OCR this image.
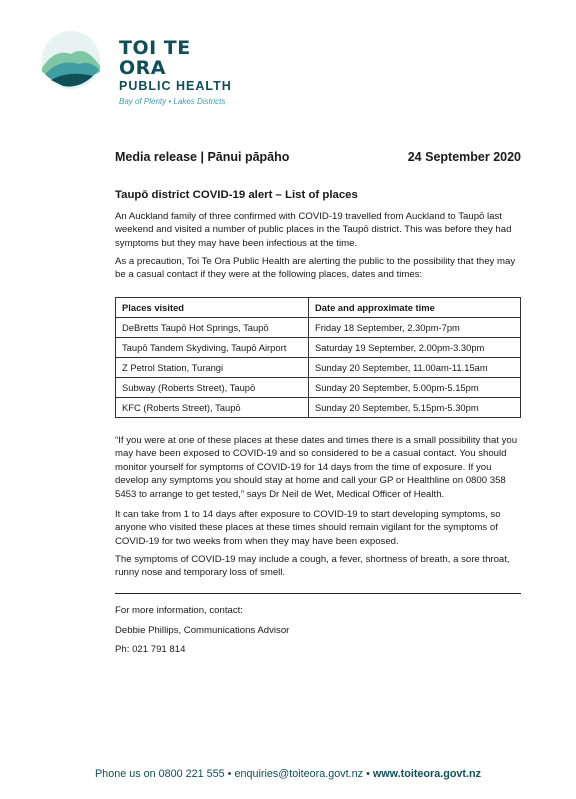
TOI TE ORA
PUBLIC HEALTH
Bay of Plenty • Lakes Districts
Media release | Pānui pāpāho	24 September 2020
Taupō district COVID-19 alert – List of places

An Auckland family of three confirmed with COVID-19 travelled from Auckland to Taupō last weekend and visited a number of public places in the Taupō district. This was before they had symptoms but they may have been infectious at the time.

As a precaution, Toi Te Ora Public Health are alerting the public to the possibility that they may be a casual contact if they were at the following places, dates and times:

Places visited	Date and approximate time
DeBretts Taupō Hot Springs, Taupō	Friday 18 September, 2.30pm-7pm
Taupō Tandem Skydiving, Taupō Airport	Saturday 19 September, 2.00pm-3.30pm
Z Petrol Station, Turangi	Sunday 20 September, 11.00am-11.15am
Subway (Roberts Street), Taupō	Sunday 20 September, 5.00pm-5.15pm
KFC (Roberts Street), Taupō	Sunday 20 September, 5.15pm-5.30pm

“If you were at one of these places at these dates and times there is a small possibility that you may have been exposed to COVID-19 and so considered to be a casual contact. You should monitor yourself for symptoms of COVID-19 for 14 days from the time of exposure. If you develop any symptoms you should stay at home and call your GP or Healthline on 0800 358 5453 to arrange to get tested,” says Dr Neil de Wet, Medical Officer of Health.

It can take from 1 to 14 days after exposure to COVID-19 to start developing symptoms, so anyone who visited these places at these times should remain vigilant for the symptoms of COVID-19 for two weeks from when they may have been exposed.

The symptoms of COVID-19 may include a cough, a fever, shortness of breath, a sore throat, runny nose and temporary loss of smell.

For more information, contact:
Debbie Phillips, Communications Advisor
Ph: 021 791 814
Phone us on 0800 221 555 • enquiries@toiteora.govt.nz • www.toiteora.govt.nz
